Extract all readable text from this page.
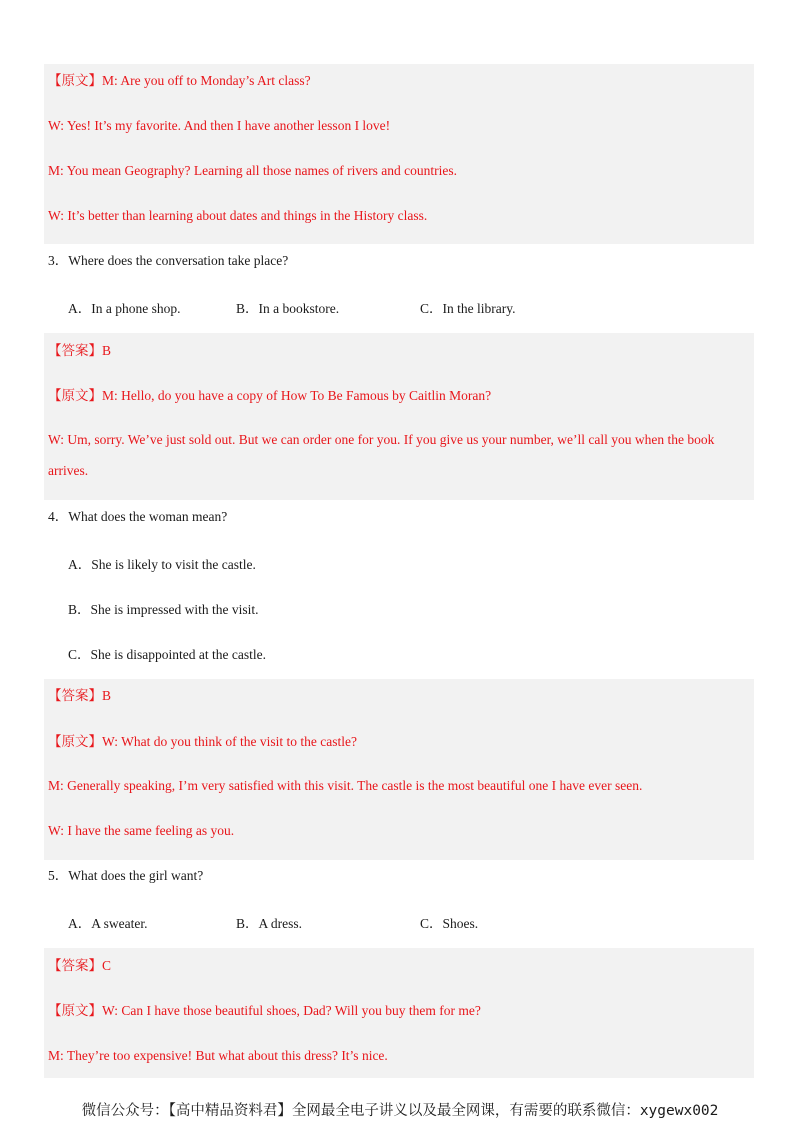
【原文】M: Are you off to Monday’s Art class?
W: Yes! It’s my favorite. And then I have another lesson I love!
M: You mean Geography? Learning all those names of rivers and countries.
W: It’s better than learning about dates and things in the History class.
3．Where does the conversation take place?
A．In a phone shop.	B．In a bookstore.	C．In the library.
【答案】B
【原文】M: Hello, do you have a copy of How To Be Famous by Caitlin Moran?
W: Um, sorry. We’ve just sold out. But we can order one for you. If you give us your number, we’ll call you when the book arrives.
4．What does the woman mean?
A．She is likely to visit the castle.
B．She is impressed with the visit.
C．She is disappointed at the castle.
【答案】B
【原文】W: What do you think of the visit to the castle?
M: Generally speaking, I’m very satisfied with this visit. The castle is the most beautiful one I have ever seen.
W: I have the same feeling as you.
5．What does the girl want?
A．A sweater.	B．A dress.	C．Shoes.
【答案】C
【原文】W: Can I have those beautiful shoes, Dad? Will you buy them for me?
M: They’re too expensive! But what about this dress? It’s nice.
微信公众号：【高中精品资料君】全网最全电子讲义以及最全网课，有需要的联系微信：xygewx002
